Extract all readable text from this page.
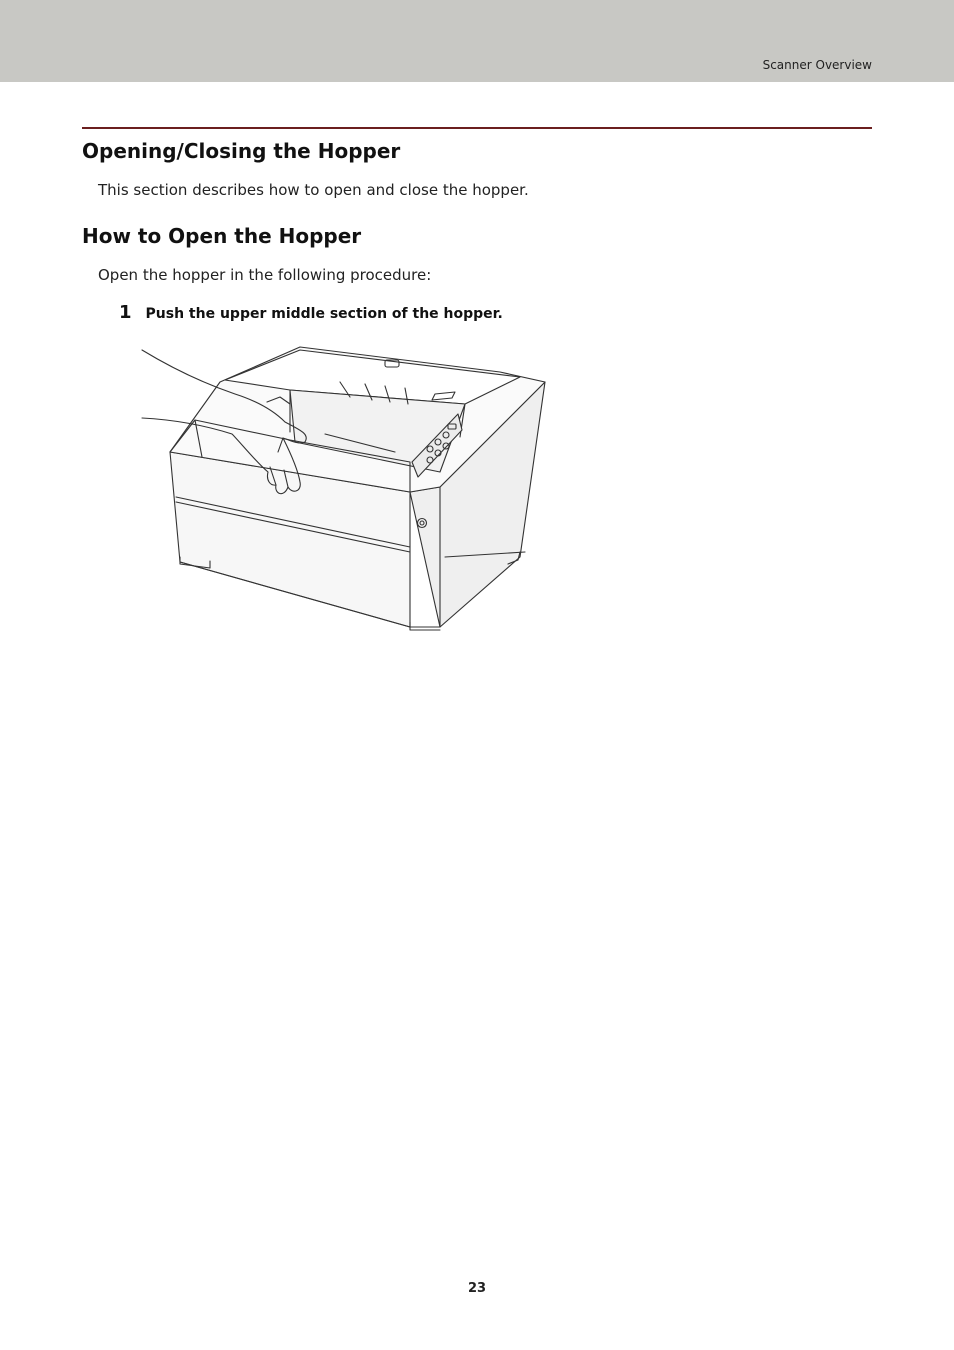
Scanner Overview
Opening/Closing the Hopper

This section describes how to open and close the hopper.

How to Open the Hopper

Open the hopper in the following procedure:

1 Push the upper middle section of the hopper.
23
